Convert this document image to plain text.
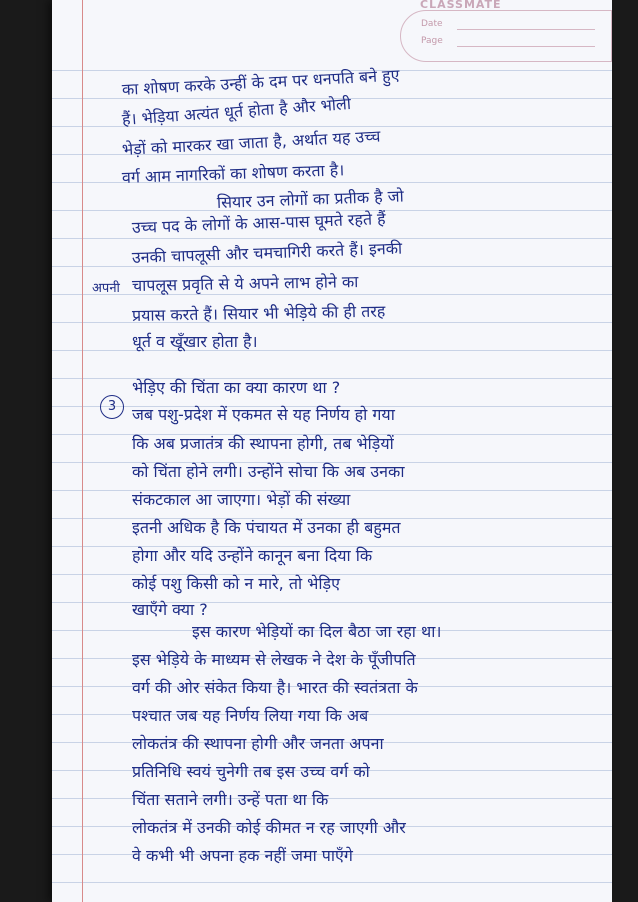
CLASSMATE
Date
Page
का शोषण करके उन्हीं के दम पर धनपति बने हुए
हैं। भेड़िया अत्यंत धूर्त होता है और भोली
भेड़ों को मारकर खा जाता है, अर्थात यह उच्च
वर्ग आम नागरिकों का शोषण करता है।
सियार उन लोगों का प्रतीक है जो
उच्च पद के लोगों के आस-पास घूमते रहते हैं
उनकी चापलूसी और चमचागिरी करते हैं। इनकी
अपनी चापलूस प्रवृति से ये अपने लाभ होने का
प्रयास करते हैं। सियार भी भेड़िये की ही तरह
धूर्त व खूँखार होता है।
3
भेड़िए की चिंता का क्या कारण था ?
जब पशु-प्रदेश में एकमत से यह निर्णय हो गया
कि अब प्रजातंत्र की स्थापना होगी, तब भेड़ियों
को चिंता होने लगी। उन्होंने सोचा कि अब उनका
संकटकाल आ जाएगा। भेड़ों की संख्या
इतनी अधिक है कि पंचायत में उनका ही बहुमत
होगा और यदि उन्होंने कानून बना दिया कि
कोई पशु किसी को न मारे, तो भेड़िए
खाएँगे क्या ?
इस कारण भेड़ियों का दिल बैठा जा रहा था।
इस भेड़िये के माध्यम से लेखक ने देश के पूँजीपति
वर्ग की ओर संकेत किया है। भारत की स्वतंत्रता के
पश्चात जब यह निर्णय लिया गया कि अब
लोकतंत्र की स्थापना होगी और जनता अपना
प्रतिनिधि स्वयं चुनेगी तब इस उच्च वर्ग को
चिंता सताने लगी। उन्हें पता था कि
लोकतंत्र में उनकी कोई कीमत न रह जाएगी और
वे कभी भी अपना हक नहीं जमा पाएँगे
